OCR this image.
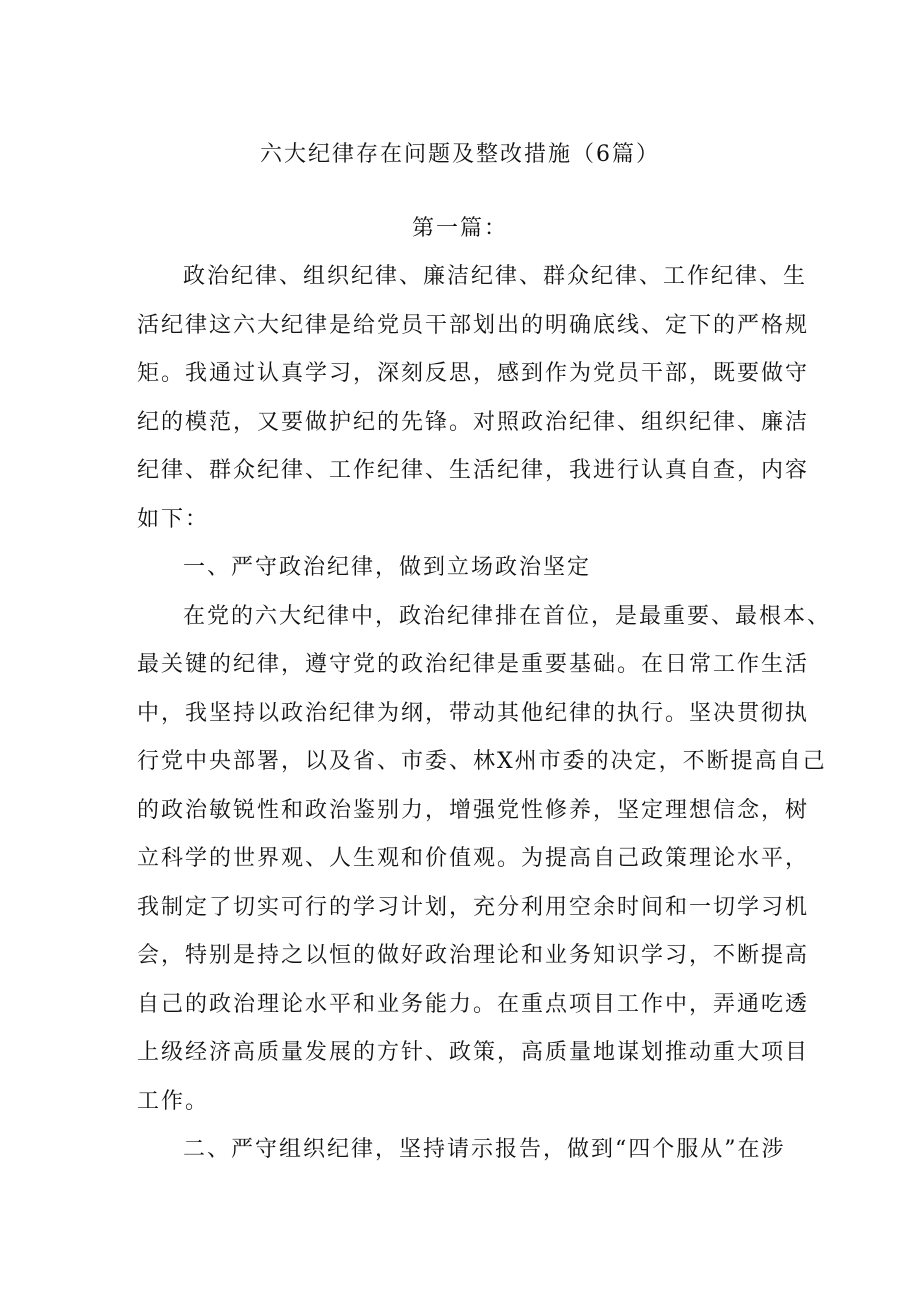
六大纪律存在问题及整改措施（6篇）
第一篇：
政治纪律、组织纪律、廉洁纪律、群众纪律、工作纪律、生
活纪律这六大纪律是给党员干部划出的明确底线、定下的严格规
矩。我通过认真学习，深刻反思，感到作为党员干部，既要做守
纪的模范，又要做护纪的先锋。对照政治纪律、组织纪律、廉洁
纪律、群众纪律、工作纪律、生活纪律，我进行认真自查，内容
如下：
一、严守政治纪律，做到立场政治坚定
在党的六大纪律中，政治纪律排在首位，是最重要、最根本、
最关键的纪律，遵守党的政治纪律是重要基础。在日常工作生活
中，我坚持以政治纪律为纲，带动其他纪律的执行。坚决贯彻执
行党中央部署，以及省、市委、林X州市委的决定，不断提高自己
的政治敏锐性和政治鉴别力，增强党性修养，坚定理想信念，树
立科学的世界观、人生观和价值观。为提高自己政策理论水平，
我制定了切实可行的学习计划，充分利用空余时间和一切学习机
会，特别是持之以恒的做好政治理论和业务知识学习，不断提高
自己的政治理论水平和业务能力。在重点项目工作中，弄通吃透
上级经济高质量发展的方针、政策，高质量地谋划推动重大项目
工作。
二、严守组织纪律，坚持请示报告，做到“四个服从”在涉
